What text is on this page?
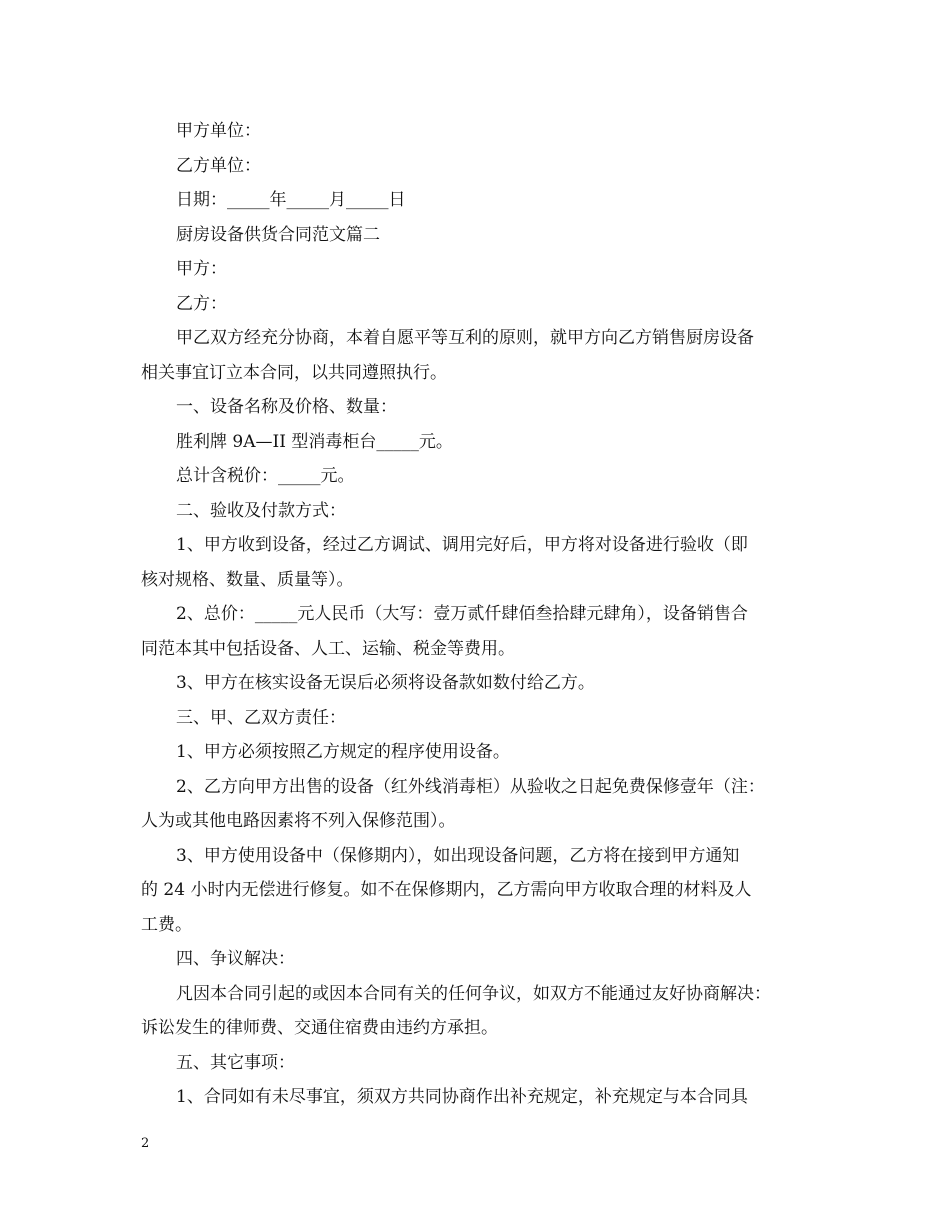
甲方单位：

乙方单位：

日期：_____年_____月_____日

厨房设备供货合同范文篇二

甲方：

乙方：

甲乙双方经充分协商，本着自愿平等互利的原则，就甲方向乙方销售厨房设备

相关事宜订立本合同，以共同遵照执行。

一、设备名称及价格、数量：

胜利牌 9A—II 型消毒柜台_____元。

总计含税价：_____元。

二、验收及付款方式：

1、甲方收到设备，经过乙方调试、调用完好后，甲方将对设备进行验收（即

核对规格、数量、质量等）。

2、总价：_____元人民币（大写：壹万贰仟肆佰叁拾肆元肆角），设备销售合

同范本其中包括设备、人工、运输、税金等费用。

3、甲方在核实设备无误后必须将设备款如数付给乙方。

三、甲、乙双方责任：

1、甲方必须按照乙方规定的程序使用设备。

2、乙方向甲方出售的设备（红外线消毒柜）从验收之日起免费保修壹年（注：

人为或其他电路因素将不列入保修范围）。

3、甲方使用设备中（保修期内），如出现设备问题，乙方将在接到甲方通知

的 24 小时内无偿进行修复。如不在保修期内，乙方需向甲方收取合理的材料及人

工费。

四、争议解决：

凡因本合同引起的或因本合同有关的任何争议，如双方不能通过友好协商解决：

诉讼发生的律师费、交通住宿费由违约方承担。

五、其它事项：

1、合同如有未尽事宜，须双方共同协商作出补充规定，补充规定与本合同具

2
